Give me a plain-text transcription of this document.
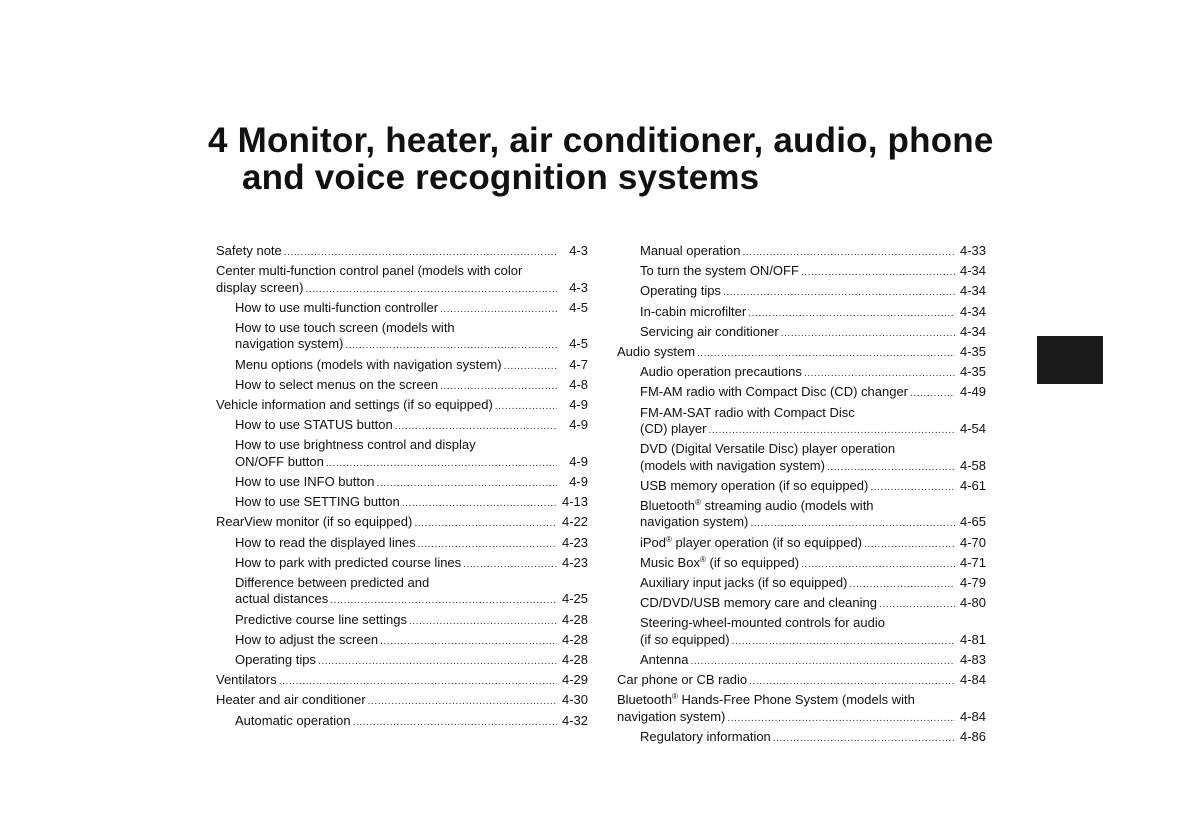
4 Monitor, heater, air conditioner, audio, phone
and voice recognition systems
Safety note .....	4-3
Center multi-function control panel (models with color
display screen) .....	4-3
How to use multi-function controller .....	4-5
How to use touch screen (models with
navigation system) .....	4-5
Menu options (models with navigation system) .....	4-7
How to select menus on the screen .....	4-8
Vehicle information and settings (if so equipped) .....	4-9
How to use STATUS button .....	4-9
How to use brightness control and display
ON/OFF button .....	4-9
How to use INFO button .....	4-9
How to use SETTING button .....	4-13
RearView monitor (if so equipped) .....	4-22
How to read the displayed lines .....	4-23
How to park with predicted course lines .....	4-23
Difference between predicted and
actual distances .....	4-25
Predictive course line settings .....	4-28
How to adjust the screen .....	4-28
Operating tips .....	4-28
Ventilators .....	4-29
Heater and air conditioner .....	4-30
Automatic operation .....	4-32
Manual operation .....	4-33
To turn the system ON/OFF .....	4-34
Operating tips .....	4-34
In-cabin microfilter .....	4-34
Servicing air conditioner .....	4-34
Audio system .....	4-35
Audio operation precautions .....	4-35
FM-AM radio with Compact Disc (CD) changer .....	4-49
FM-AM-SAT radio with Compact Disc
(CD) player .....	4-54
DVD (Digital Versatile Disc) player operation
(models with navigation system) .....	4-58
USB memory operation (if so equipped) .....	4-61
Bluetooth® streaming audio (models with
navigation system) .....	4-65
iPod® player operation (if so equipped) .....	4-70
Music Box® (if so equipped) .....	4-71
Auxiliary input jacks (if so equipped) .....	4-79
CD/DVD/USB memory care and cleaning .....	4-80
Steering-wheel-mounted controls for audio
(if so equipped) .....	4-81
Antenna .....	4-83
Car phone or CB radio .....	4-84
Bluetooth® Hands-Free Phone System (models with
navigation system) .....	4-84
Regulatory information .....	4-86
